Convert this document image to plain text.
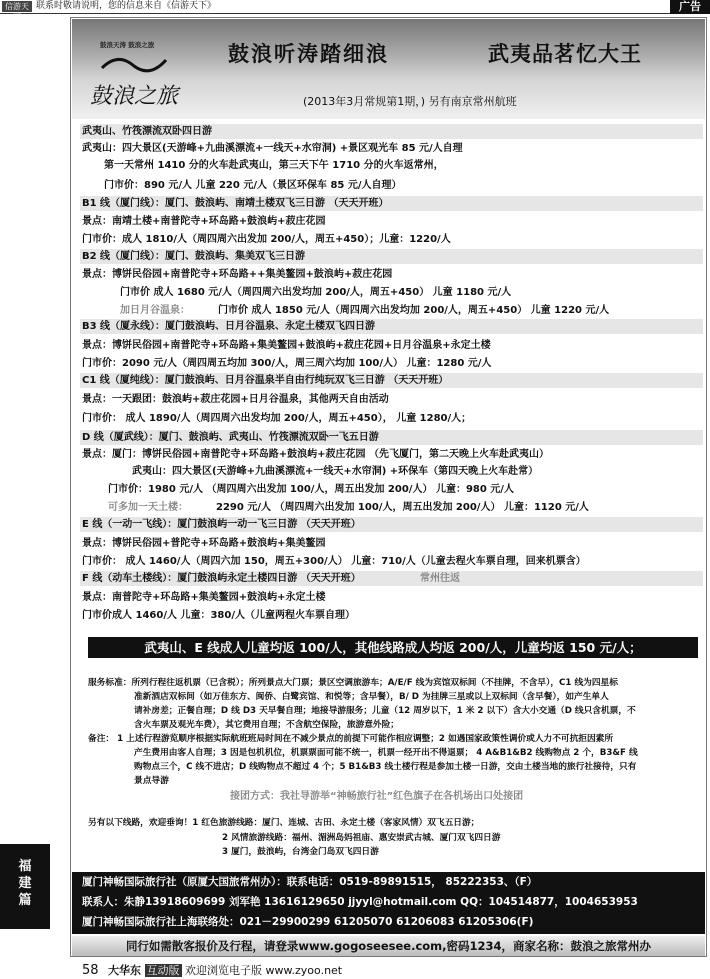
信游天下
联系时敬请说明，您的信息来自《信游天下》	广告
鼓浪天涛 鼓浪之旅
鼓浪之旅
鼓浪听涛踏细浪	武夷品茗忆大王
(2013年3月常规第1期，) 另有南京常州航班
武夷山、竹筏漂流双卧四日游
武夷山：四大景区(天游峰+九曲溪漂流+一线天+水帘洞) +景区观光车 85 元/人自理
第一天常州 1410 分的火车赴武夷山，第三天下午 1710 分的火车返常州，
门市价：890 元/人 儿童 220 元/人（景区环保车 85 元/人自理）
B1 线（厦门线）：厦门、鼓浪屿、南靖土楼双飞三日游 （天天开班）
景点：南靖土楼+南普陀寺+环岛路+鼓浪屿+菽庄花园
门市价：成人 1810/人（周四周六出发加 200/人，周五+450）；儿童：1220/人
B2 线（厦门线）：厦门、鼓浪屿、集美双飞三日游
景点：博饼民俗园+南普陀寺+环岛路++集美鳌园+鼓浪屿+菽庄花园
门市价 成人 1680 元/人（周四周六出发均加 200/人，周五+450） 儿童 1180 元/人
加日月谷温泉：	门市价 成人 1850 元/人（周四周六出发均加 200/人，周五+450） 儿童 1220 元/人
B3 线（厦永线）：厦门鼓浪屿、日月谷温泉、永定土楼双飞四日游
景点：博饼民俗园+南普陀寺+环岛路+集美鳌园+鼓浪屿+菽庄花园+日月谷温泉+永定土楼
门市价：2090 元/人（周四周五均加 300/人，周三周六均加 100/人） 儿童：1280 元/人
C1 线（厦纯线）：厦门鼓浪屿、日月谷温泉半自由行纯玩双飞三日游 （天天开班）
景点：一天跟团：鼓浪屿+菽庄花园+日月谷温泉，其他两天自由活动
门市价： 成人 1890/人（周四周六出发均加 200/人，周五+450）， 儿童 1280/人；
D 线（厦武线）：厦门、鼓浪屿、武夷山、竹筏漂流双卧一飞五日游
景点：厦门：博饼民俗园+南普陀寺+环岛路+鼓浪屿+菽庄花园 （先飞厦门，第二天晚上火车赴武夷山）
武夷山：四大景区(天游峰+九曲溪漂流+一线天+水帘洞) +环保车（第四天晚上火车赴常）
门市价：1980 元/人 （周四周六出发加 100/人，周五出发加 200/人） 儿童：980 元/人
可多加一天土楼：	2290 元/人 （周四周六出发加 100/人，周五出发加 200/人） 儿童：1120 元/人
E 线（一动一飞线）：厦门鼓浪屿一动一飞三日游 （天天开班）
景点：博饼民俗园+普陀寺+环岛路+鼓浪屿+集美鳌园
门市价： 成人 1460/人（周四六加 150，周五+300/人） 儿童：710/人（儿童去程火车票自理，回来机票含）
F 线（动车土楼线）：厦门鼓浪屿永定土楼四日游 （天天开班）	常州往返
景点：南普陀寺+环岛路+集美鳌园+鼓浪屿+永定土楼
门市价成人 1460/人 儿童：380/人（儿童两程火车票自理）
武夷山、E 线成人儿童均返 100/人，其他线路成人均返 200/人，儿童均返 150 元/人；
服务标准：所列行程往返机票（已含税）；所列景点大门票；景区空调旅游车；A/E/F 线为宾馆双标间（不挂牌，不含早），C1 线为四星标
准新酒店双标间（如万佳东方、闽侨、白鹭宾馆、和悦等；含早餐），B/ D 为挂牌三星或以上双标间（含早餐），如产生单人
请补房差；正餐自理；D 线 D3 天早餐自理；地接导游服务；儿童（12 周岁以下，1 米 2 以下）含大小交通（D 线只含机票，不
含火车票及观光车费），其它费用自理；不含航空保险，旅游意外险；
备注： 1 上述行程游览顺序根据实际航班班局时间在不减少景点的前提下可能作相应调整；2 如遇国家政策性调价或人力不可抗拒因素所
产生费用由客人自理；3 因是包机机位，机票票面可能不统一，机票一经开出不得退票； 4 A&B1&B2 线购物点 2 个，B3&F 线
购物点三个，C 线不进店；D 线购物点不超过 4 个；5 B1&B3 线土楼行程是参加土楼一日游，交由土楼当地的旅行社接待，只有
景点导游
接团方式：我社导游举“神畅旅行社”红色旗子在各机场出口处接团
另有以下线路，欢迎垂询！1 红色旅游线路：厦门、连城、古田、永定土楼（客家风情）双飞五日游；
2 风情旅游线路：福州、湄洲岛妈祖庙、惠安崇武古城、厦门双飞四日游
3 厦门，鼓浪屿，台湾金门岛双飞四日游
厦门神畅国际旅行社（原厦大国旅常州办）：联系电话：0519-89891515， 85222353、（F）
联系人：朱静13918609699 刘军艳 13616129650 jjyyl@hotmail.com QQ：104514877，1004653953
厦门神畅国际旅行社上海联络处：021－29900299 61205070 61206083 61205306(F)
同行如需散客报价及行程，请登录www.gogoseesee.com,密码1234，商家名称：鼓浪之旅常州办
福
建
篇
58 大华东 互动版 欢迎浏览电子版 www.zyoo.net
